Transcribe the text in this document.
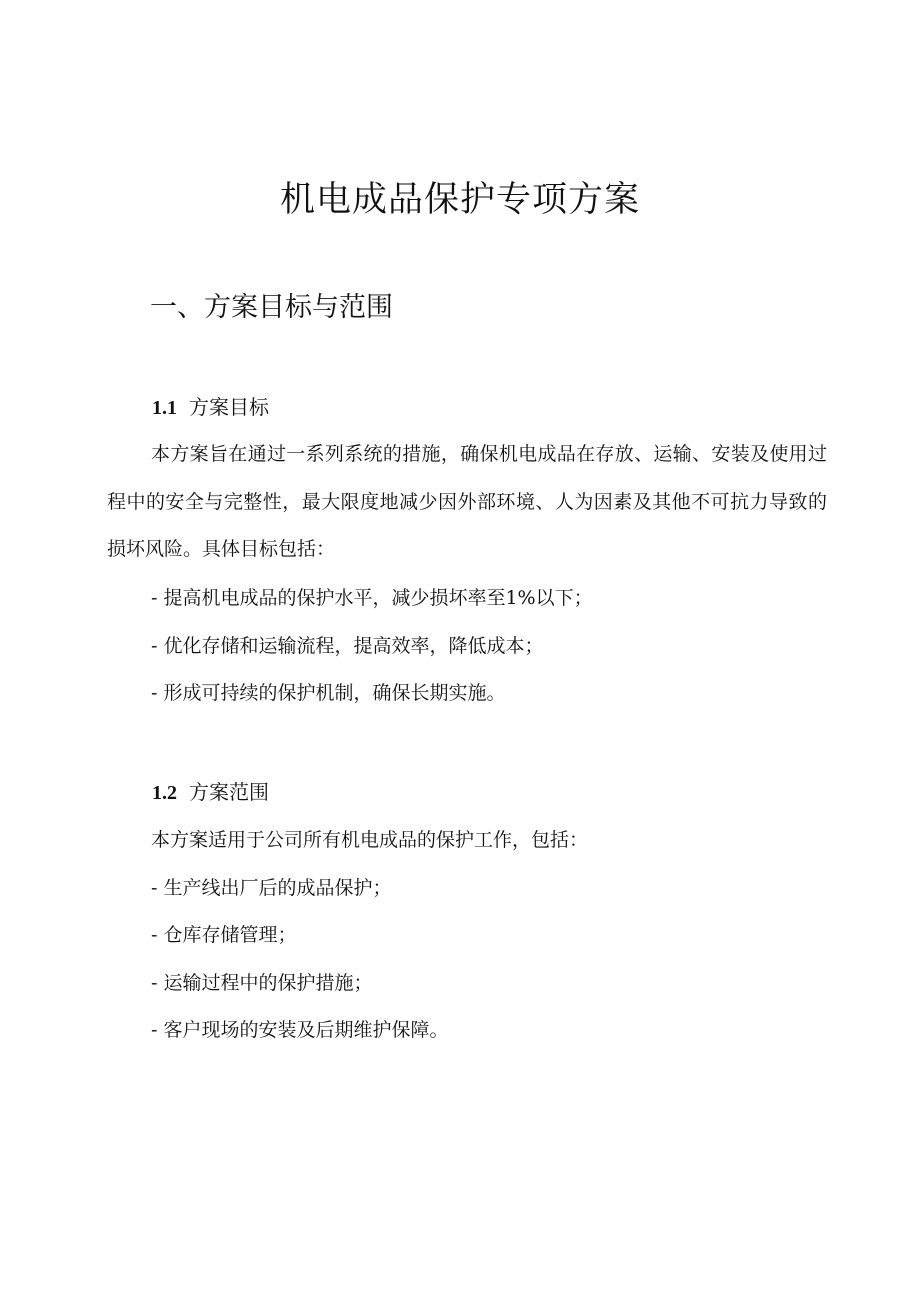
机电成品保护专项方案
一、方案目标与范围
1.1 方案目标

本方案旨在通过一系列系统的措施，确保机电成品在存放、运输、安装及使用过程中的安全与完整性，最大限度地减少因外部环境、人为因素及其他不可抗力导致的损坏风险。具体目标包括：

- 提高机电成品的保护水平，减少损坏率至1%以下；

- 优化存储和运输流程，提高效率，降低成本；

- 形成可持续的保护机制，确保长期实施。

1.2 方案范围

本方案适用于公司所有机电成品的保护工作，包括：

- 生产线出厂后的成品保护；

- 仓库存储管理；

- 运输过程中的保护措施；

- 客户现场的安装及后期维护保障。
